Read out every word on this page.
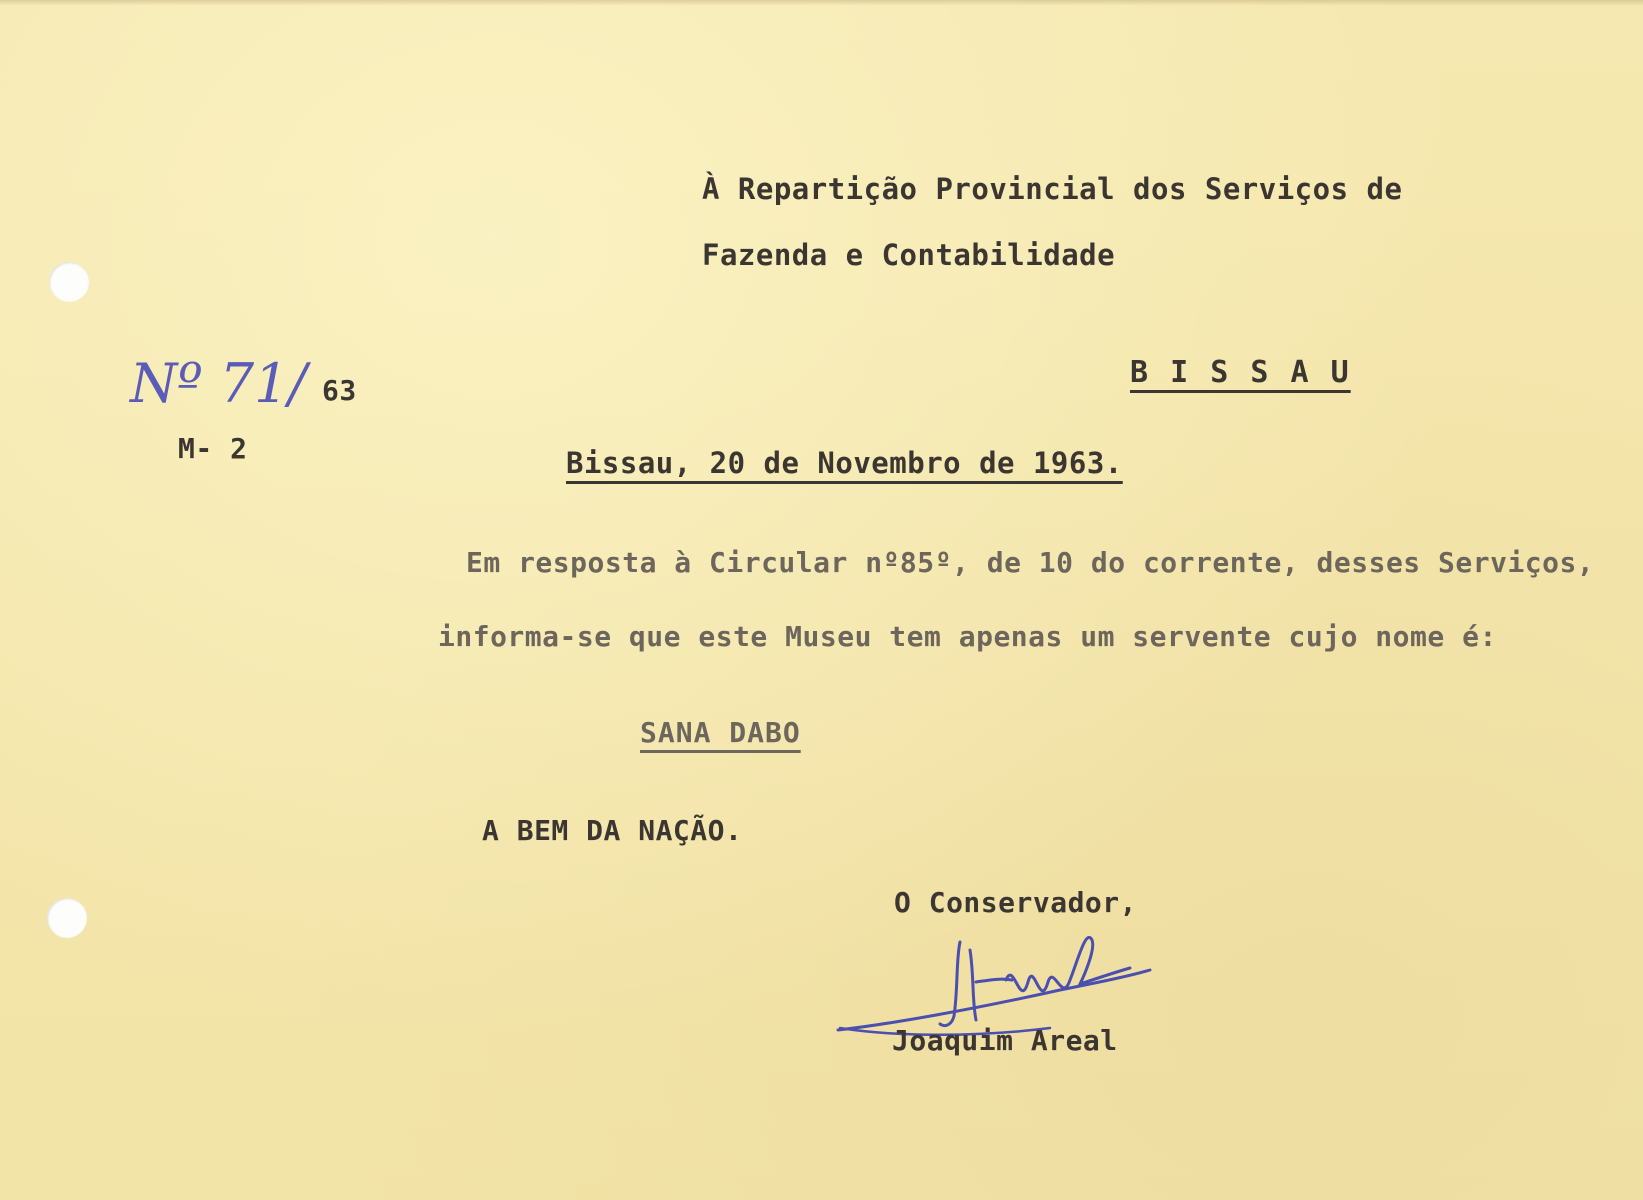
À Repartição Provincial dos Serviços de
Fazenda e Contabilidade
B I S S A U
Nº 71/ 63
M- 2	Bissau, 20 de Novembro de 1963.
Em resposta à Circular nº85º, de 10 do corrente, desses Serviços,
informa-se que este Museu tem apenas um servente cujo nome é:
SANA DABO
A BEM DA NAÇÃO.
O Conservador,
Joaquim Areal
